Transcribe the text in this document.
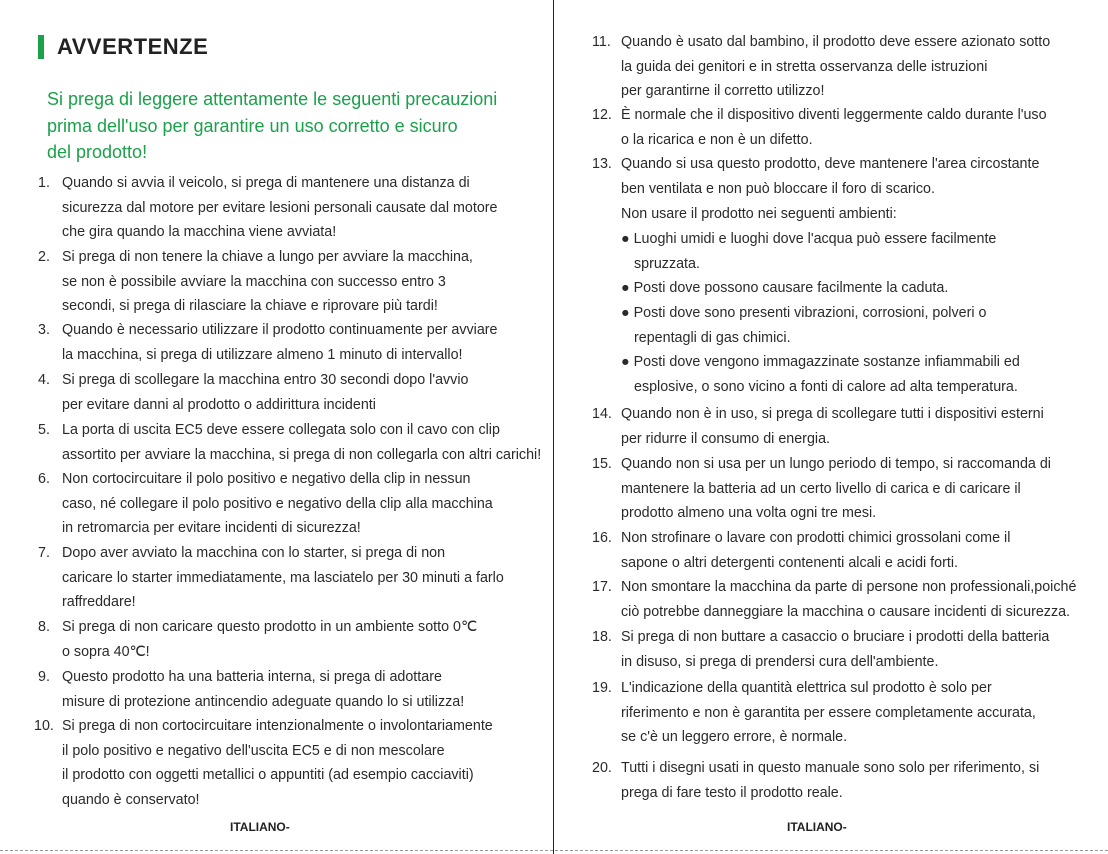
AVVERTENZE
Si prega di leggere attentamente le seguenti precauzioni
prima dell'uso per garantire un uso corretto e sicuro
del prodotto!
1. Quando si avvia il veicolo, si prega di mantenere una distanza di
sicurezza dal motore per evitare lesioni personali causate dal motore
che gira quando la macchina viene avviata!
2. Si prega di non tenere la chiave a lungo per avviare la macchina,
se non è possibile avviare la macchina con successo entro 3
secondi, si prega di rilasciare la chiave e riprovare più tardi!
3. Quando è necessario utilizzare il prodotto continuamente per avviare
la macchina, si prega di utilizzare almeno 1 minuto di intervallo!
4. Si prega di scollegare la macchina entro 30 secondi dopo l'avvio
per evitare danni al prodotto o addirittura incidenti
5. La porta di uscita EC5 deve essere collegata solo con il cavo con clip
assortito per avviare la macchina, si prega di non collegarla con altri carichi!
6. Non cortocircuitare il polo positivo e negativo della clip in nessun
caso, né collegare il polo positivo e negativo della clip alla macchina
in retromarcia per evitare incidenti di sicurezza!
7. Dopo aver avviato la macchina con lo starter, si prega di non
caricare lo starter immediatamente, ma lasciatelo per 30 minuti a farlo
raffreddare!
8. Si prega di non caricare questo prodotto in un ambiente sotto 0℃
o sopra 40℃!
9. Questo prodotto ha una batteria interna, si prega di adottare
misure di protezione antincendio adeguate quando lo si utilizza!
10. Si prega di non cortocircuitare intenzionalmente o involontariamente
il polo positivo e negativo dell'uscita EC5 e di non mescolare
il prodotto con oggetti metallici o appuntiti (ad esempio cacciaviti)
quando è conservato!
ITALIANO-
11. Quando è usato dal bambino, il prodotto deve essere azionato sotto
la guida dei genitori e in stretta osservanza delle istruzioni
per garantirne il corretto utilizzo!
12. È normale che il dispositivo diventi leggermente caldo durante l'uso
o la ricarica e non è un difetto.
13. Quando si usa questo prodotto, deve mantenere l'area circostante
ben ventilata e non può bloccare il foro di scarico.
14. Quando non è in uso, si prega di scollegare tutti i dispositivi esterni
per ridurre il consumo di energia.
15. Quando non si usa per un lungo periodo di tempo, si raccomanda di
mantenere la batteria ad un certo livello di carica e di caricare il
prodotto almeno una volta ogni tre mesi.
16. Non strofinare o lavare con prodotti chimici grossolani come il
sapone o altri detergenti contenenti alcali e acidi forti.
17. Non smontare la macchina da parte di persone non professionali,poiché
ciò potrebbe danneggiare la macchina o causare incidenti di sicurezza.
18. Si prega di non buttare a casaccio o bruciare i prodotti della batteria
in disuso, si prega di prendersi cura dell'ambiente.
19. L'indicazione della quantità elettrica sul prodotto è solo per
riferimento e non è garantita per essere completamente accurata,
se c'è un leggero errore, è normale.
20. Tutti i disegni usati in questo manuale sono solo per riferimento, si
prega di fare testo il prodotto reale.
Non usare il prodotto nei seguenti ambienti:
● Luoghi umidi e luoghi dove l'acqua può essere facilmente
spruzzata.
● Posti dove possono causare facilmente la caduta.
● Posti dove sono presenti vibrazioni, corrosioni, polveri o
repentagli di gas chimici.
● Posti dove vengono immagazzinate sostanze infiammabili ed
esplosive, o sono vicino a fonti di calore ad alta temperatura.
ITALIANO-
